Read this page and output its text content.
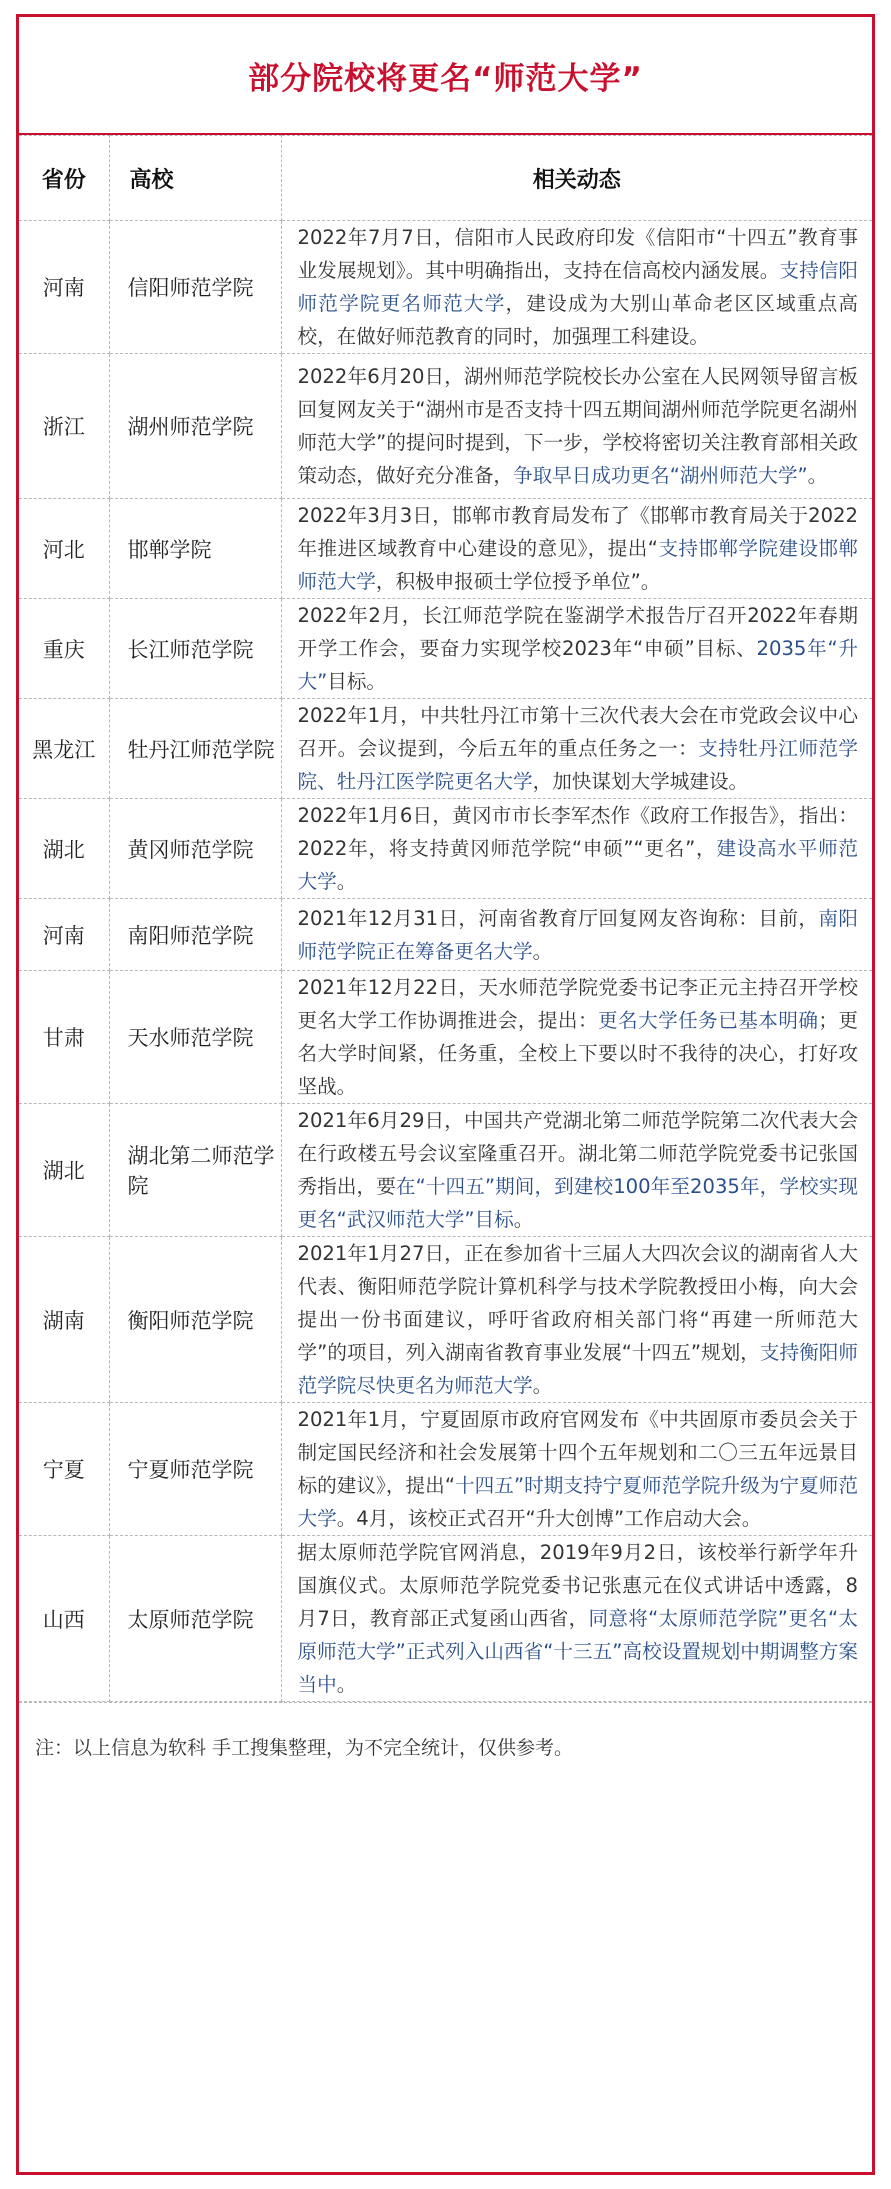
部分院校将更名“师范大学”
省份	高校	相关动态
河南	信阳师范学院	2022年7月7日，信阳市人民政府印发《信阳市“十四五”教育事业发展规划》。其中明确指出，支持在信高校内涵发展。支持信阳师范学院更名师范大学，建设成为大别山革命老区区域重点高校，在做好师范教育的同时，加强理工科建设。
浙江	湖州师范学院	2022年6月20日，湖州师范学院校长办公室在人民网领导留言板回复网友关于“湖州市是否支持十四五期间湖州师范学院更名湖州师范大学”的提问时提到，下一步，学校将密切关注教育部相关政策动态，做好充分准备，争取早日成功更名“湖州师范大学”。
河北	邯郸学院	2022年3月3日，邯郸市教育局发布了《邯郸市教育局关于2022年推进区域教育中心建设的意见》，提出“支持邯郸学院建设邯郸师范大学，积极申报硕士学位授予单位”。
重庆	长江师范学院	2022年2月，长江师范学院在鉴湖学术报告厅召开2022年春期开学工作会，要奋力实现学校2023年“申硕”目标、2035年“升大”目标。
黑龙江	牡丹江师范学院	2022年1月，中共牡丹江市第十三次代表大会在市党政会议中心召开。会议提到，今后五年的重点任务之一：支持牡丹江师范学院、牡丹江医学院更名大学，加快谋划大学城建设。
湖北	黄冈师范学院	2022年1月6日，黄冈市市长李军杰作《政府工作报告》，指出：2022年，将支持黄冈师范学院“申硕”“更名”，建设高水平师范大学。
河南	南阳师范学院	2021年12月31日，河南省教育厅回复网友咨询称：目前，南阳师范学院正在筹备更名大学。
甘肃	天水师范学院	2021年12月22日，天水师范学院党委书记李正元主持召开学校更名大学工作协调推进会，提出：更名大学任务已基本明确；更名大学时间紧，任务重，全校上下要以时不我待的决心，打好攻坚战。
湖北	湖北第二师范学院	2021年6月29日，中国共产党湖北第二师范学院第二次代表大会在行政楼五号会议室隆重召开。湖北第二师范学院党委书记张国秀指出，要在“十四五”期间，到建校100年至2035年，学校实现更名“武汉师范大学”目标。
湖南	衡阳师范学院	2021年1月27日，正在参加省十三届人大四次会议的湖南省人大代表、衡阳师范学院计算机科学与技术学院教授田小梅，向大会提出一份书面建议，呼吁省政府相关部门将“再建一所师范大学”的项目，列入湖南省教育事业发展“十四五”规划，支持衡阳师范学院尽快更名为师范大学。
宁夏	宁夏师范学院	2021年1月，宁夏固原市政府官网发布《中共固原市委员会关于制定国民经济和社会发展第十四个五年规划和二〇三五年远景目标的建议》，提出“十四五”时期支持宁夏师范学院升级为宁夏师范大学。4月，该校正式召开“升大创博”工作启动大会。
山西	太原师范学院	据太原师范学院官网消息，2019年9月2日，该校举行新学年升国旗仪式。太原师范学院党委书记张惠元在仪式讲话中透露，8月7日，教育部正式复函山西省，同意将“太原师范学院”更名“太原师范大学”正式列入山西省“十三五”高校设置规划中期调整方案当中。
注：以上信息为软科 手工搜集整理，为不完全统计，仅供参考。
